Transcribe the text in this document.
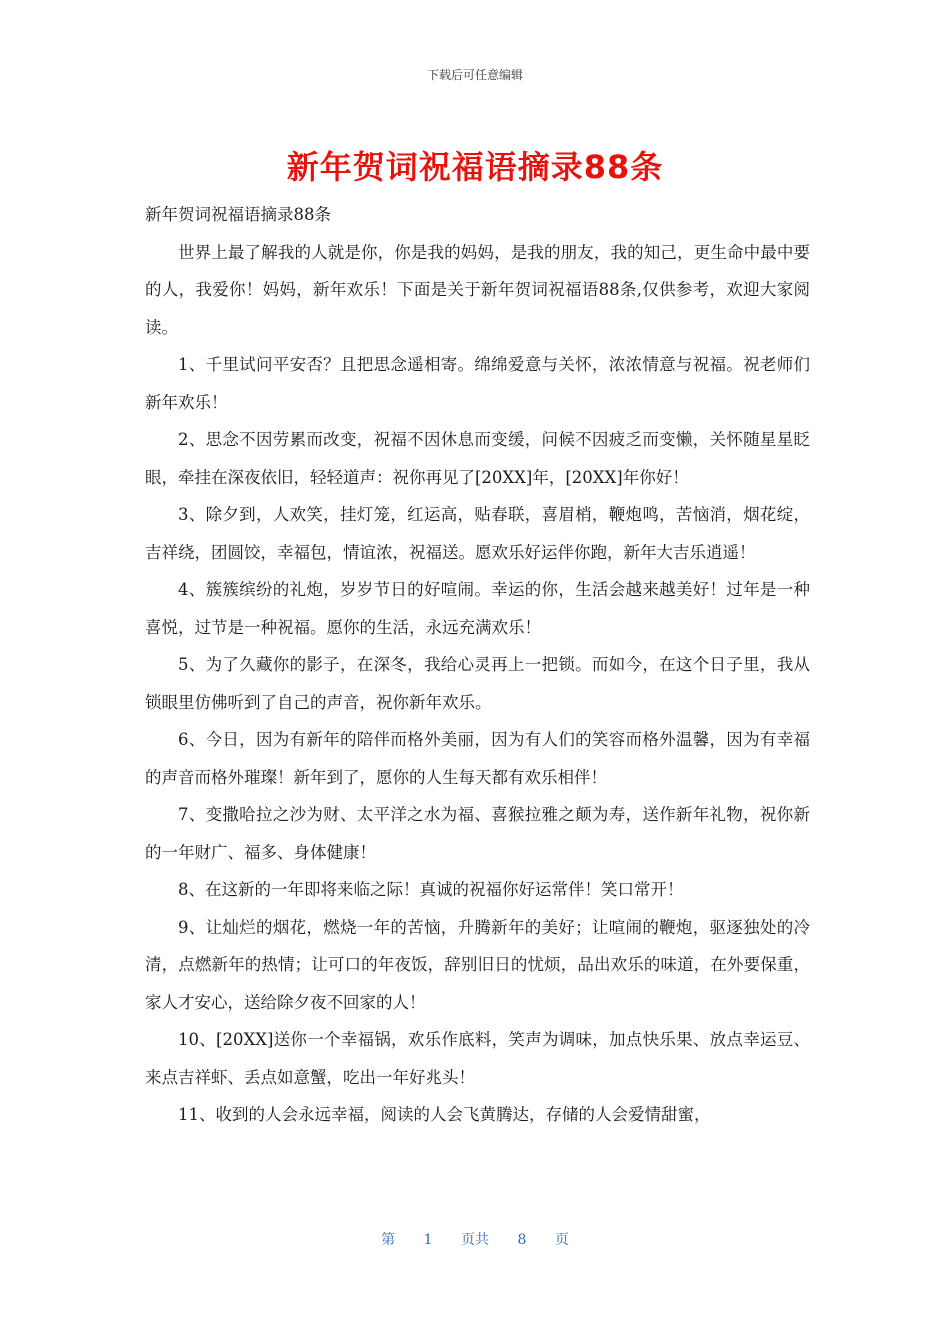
下载后可任意编辑
新年贺词祝福语摘录88条

新年贺词祝福语摘录88条

世界上最了解我的人就是你，你是我的妈妈，是我的朋友，我的知己，更生命中最中要的人，我爱你！妈妈，新年欢乐！下面是关于新年贺词祝福语88条,仅供参考，欢迎大家阅读。

1、千里试问平安否？且把思念遥相寄。绵绵爱意与关怀，浓浓情意与祝福。祝老师们新年欢乐！

2、思念不因劳累而改变，祝福不因休息而变缓，问候不因疲乏而变懒，关怀随星星眨眼，牵挂在深夜依旧，轻轻道声：祝你再见了[20XX]年，[20XX]年你好！

3、除夕到，人欢笑，挂灯笼，红运高，贴春联，喜眉梢，鞭炮鸣，苦恼消，烟花绽，吉祥绕，团圆饺，幸福包，情谊浓，祝福送。愿欢乐好运伴你跑，新年大吉乐逍遥！

4、簇簇缤纷的礼炮，岁岁节日的好喧闹。幸运的你，生活会越来越美好！过年是一种喜悦，过节是一种祝福。愿你的生活，永远充满欢乐！

5、为了久藏你的影子，在深冬，我给心灵再上一把锁。而如今，在这个日子里，我从锁眼里仿佛听到了自己的声音，祝你新年欢乐。

6、今日，因为有新年的陪伴而格外美丽，因为有人们的笑容而格外温馨，因为有幸福的声音而格外璀璨！新年到了，愿你的人生每天都有欢乐相伴！

7、变撒哈拉之沙为财、太平洋之水为福、喜猴拉雅之颠为寿，送作新年礼物，祝你新的一年财广、福多、身体健康！

8、在这新的一年即将来临之际！真诚的祝福你好运常伴！笑口常开！

9、让灿烂的烟花，燃烧一年的苦恼，升腾新年的美好；让喧闹的鞭炮，驱逐独处的冷清，点燃新年的热情；让可口的年夜饭，辞别旧日的忧烦，品出欢乐的味道，在外要保重，家人才安心，送给除夕夜不回家的人！

10、[20XX]送你一个幸福锅，欢乐作底料，笑声为调味，加点快乐果、放点幸运豆、来点吉祥虾、丢点如意蟹，吃出一年好兆头！

11、收到的人会永远幸福，阅读的人会飞黄腾达，存储的人会爱情甜蜜，

第 1 页共 8 页
